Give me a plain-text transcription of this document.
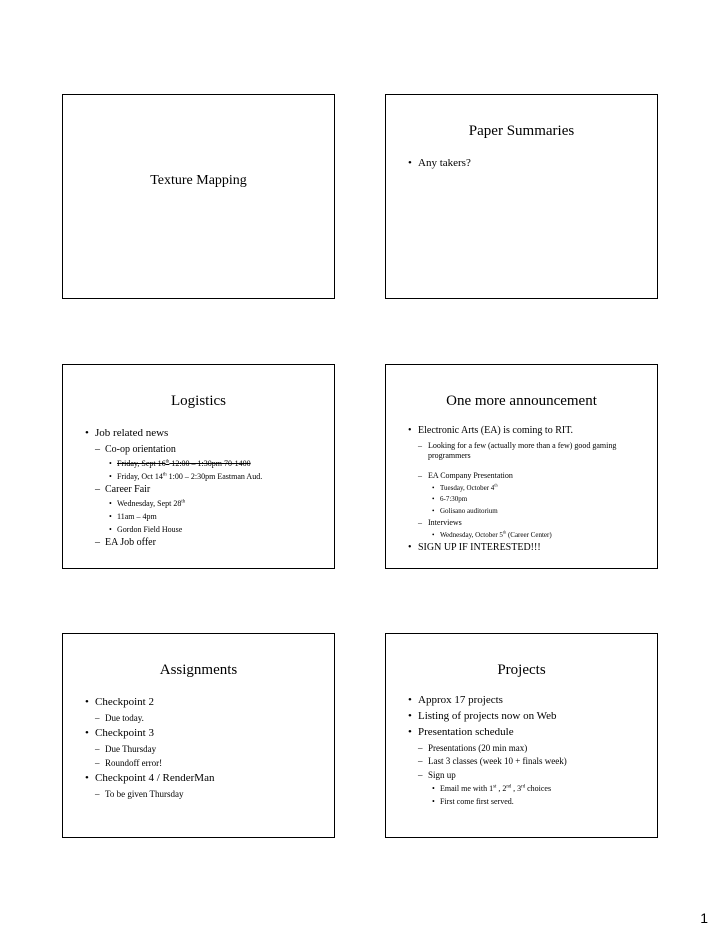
Texture Mapping
Paper Summaries
• Any takers?
Logistics
• Job related news
– Co-op orientation
• Friday, Sept 16th 12:00 – 1:30pm 70-1400
• Friday, Oct 14th 1:00 – 2:30pm Eastman Aud.
– Career Fair
• Wednesday, Sept 28th
• 11am – 4pm
• Gordon Field House
– EA Job offer
One more announcement
• Electronic Arts (EA) is coming to RIT.
– Looking for a few (actually more than a few) good gaming programmers
– EA Company Presentation
• Tuesday, October 4th
• 6-7:30pm
• Golisano auditorium
– Interviews
• Wednesday, October 5th (Career Center)
• SIGN UP IF INTERESTED!!!
Assignments
• Checkpoint 2
– Due today.
• Checkpoint 3
– Due Thursday
– Roundoff error!
• Checkpoint 4 / RenderMan
– To be given Thursday
Projects
• Approx 17 projects
• Listing of projects now on Web
• Presentation schedule
– Presentations (20 min max)
– Last 3 classes (week 10 + finals week)
– Sign up
• Email me with 1st , 2nd , 3rd choices
• First come first served.
1
